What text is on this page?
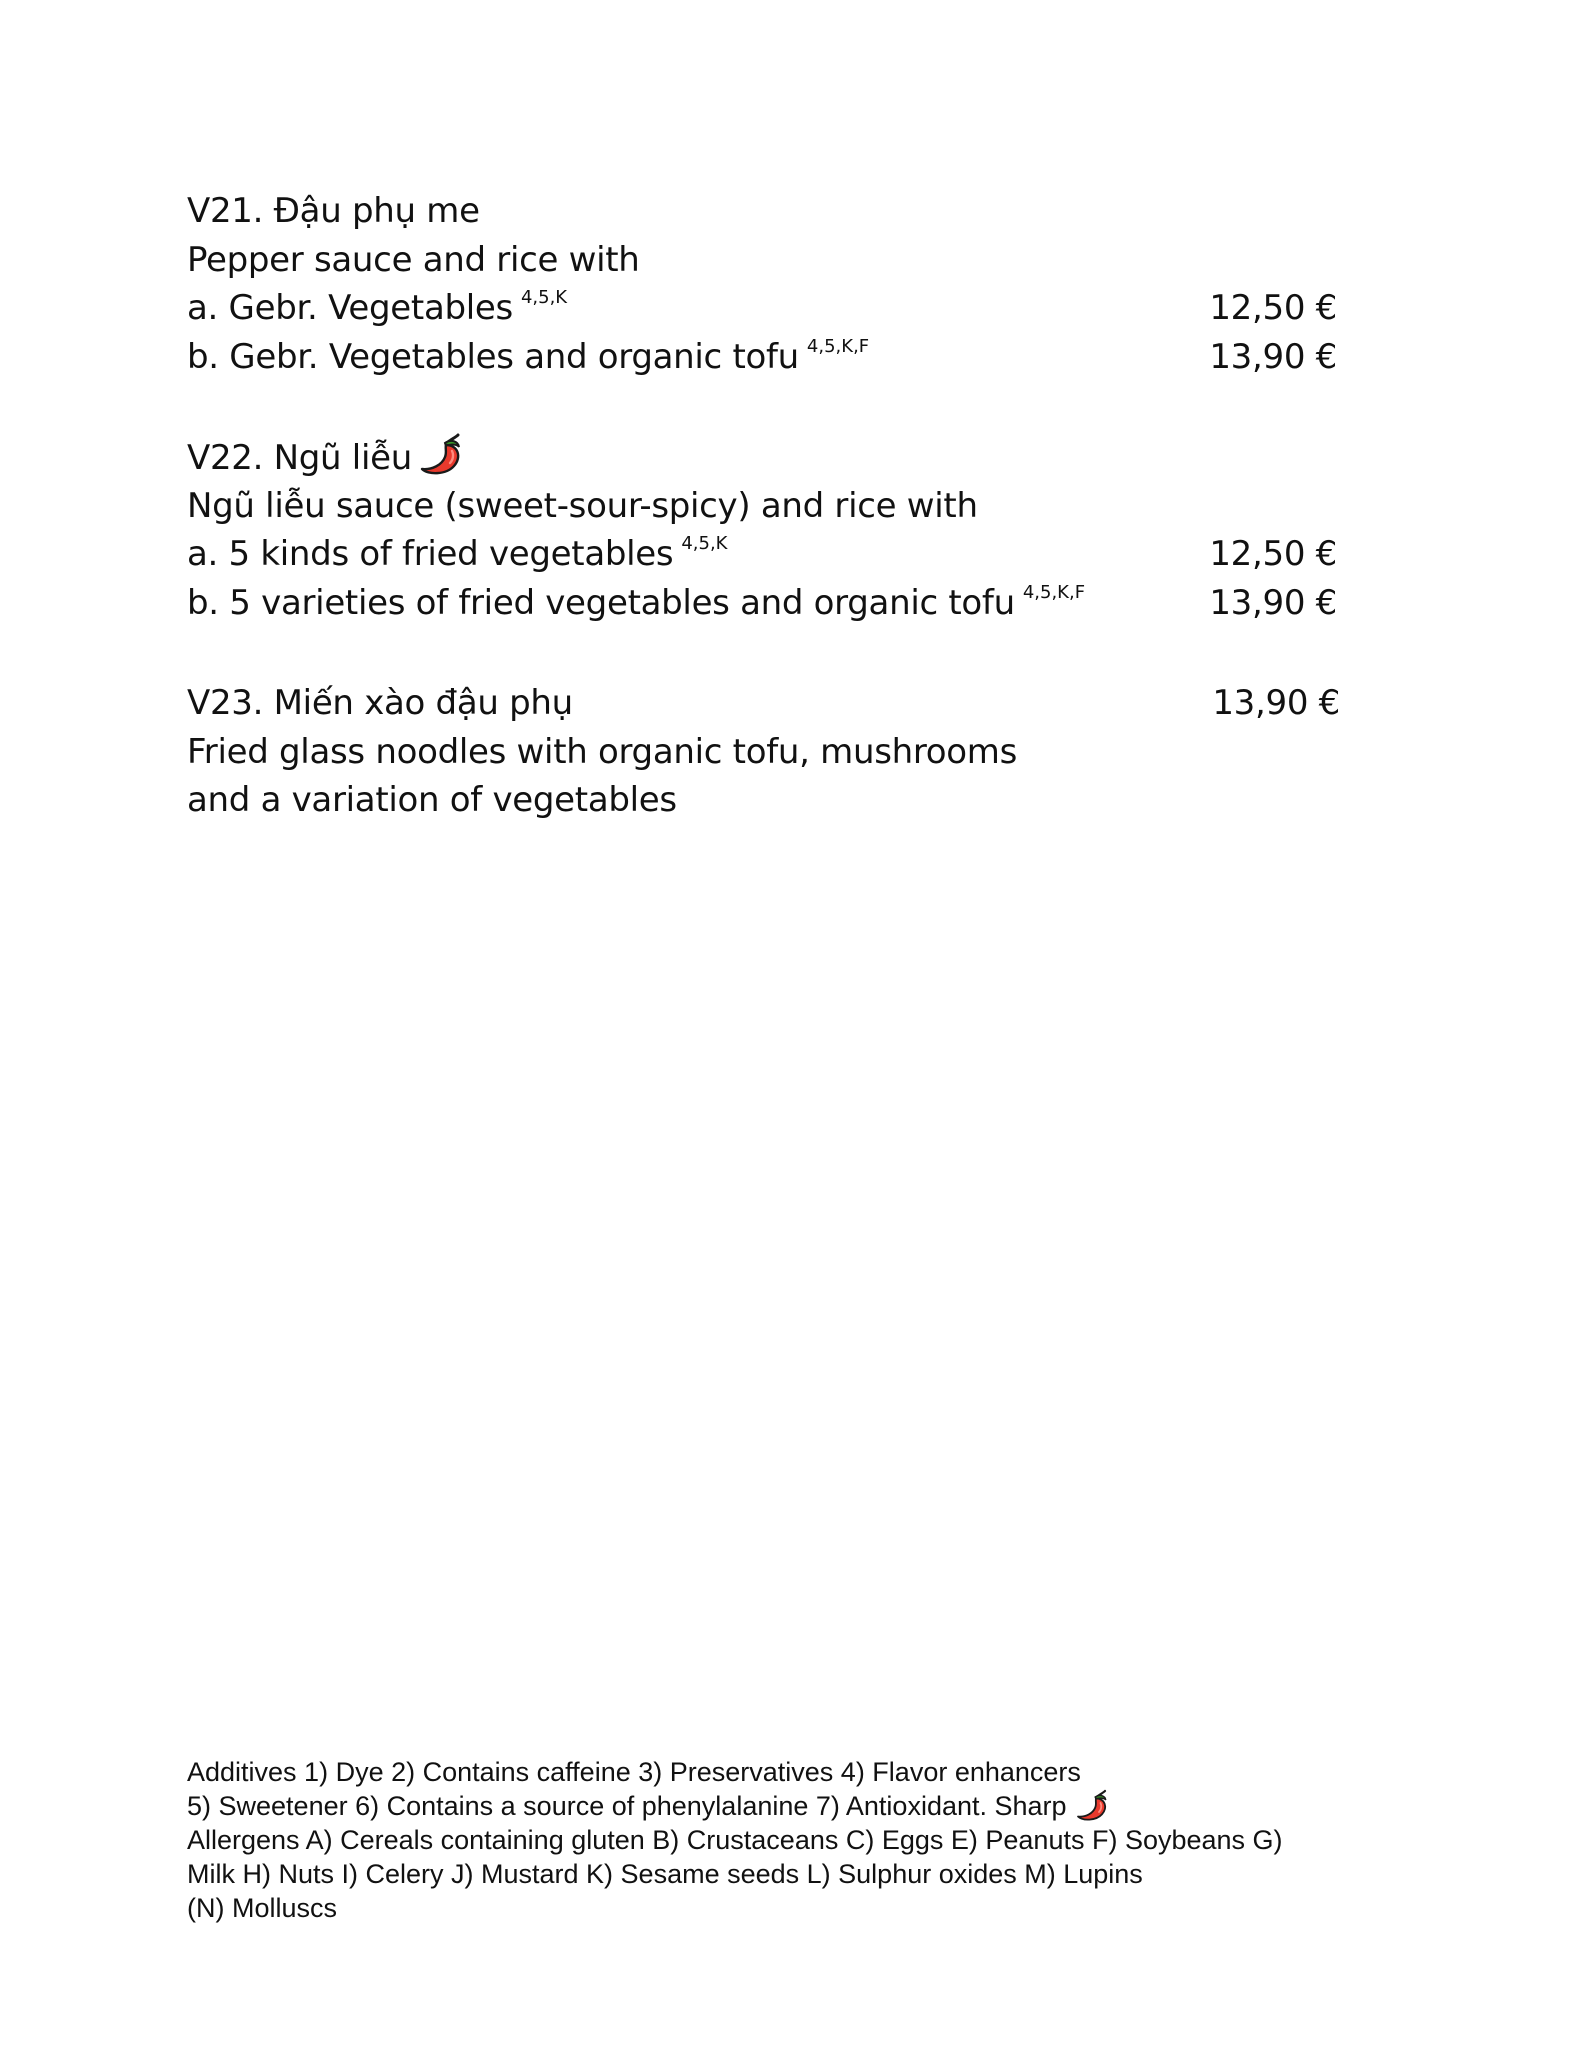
V21. Đậu phụ me
Pepper sauce and rice with
a. Gebr. Vegetables $^{4,5,K}$	12,50 €
b. Gebr. Vegetables and organic tofu $^{4,5,K,F}$	13,90 €
V22. Ngũ liễu
Ngũ liễu sauce (sweet-sour-spicy) and rice with
a. 5 kinds of fried vegetables $^{4,5,K}$	12,50 €
b. 5 varieties of fried vegetables and organic tofu $^{4,5,K,F}$	13,90 €
V23. Miến xào đậu phụ	13,90 €
Fried glass noodles with organic tofu, mushrooms
and a variation of vegetables
Additives 1) Dye 2) Contains caffeine 3) Preservatives 4) Flavor enhancers
5) Sweetener 6) Contains a source of phenylalanine 7) Antioxidant. Sharp
Allergens A) Cereals containing gluten B) Crustaceans C) Eggs E) Peanuts F) Soybeans G)
Milk H) Nuts I) Celery J) Mustard K) Sesame seeds L) Sulphur oxides M) Lupins
(N) Molluscs
